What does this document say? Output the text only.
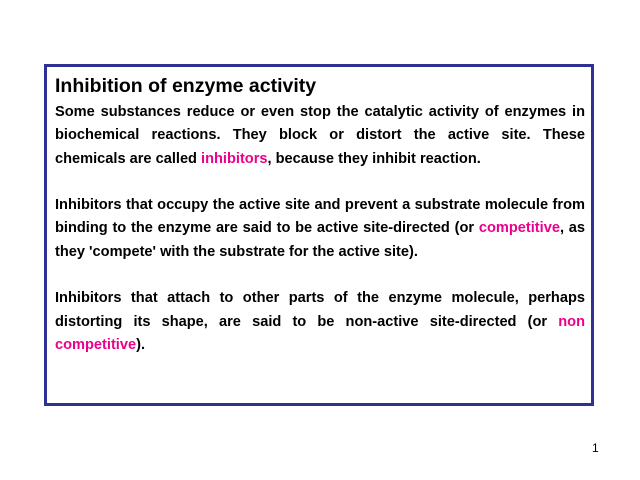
Inhibition of enzyme activity

Some substances reduce or even stop the catalytic activity of enzymes in biochemical reactions. They block or distort the active site. These chemicals are called inhibitors, because they inhibit reaction.

Inhibitors that occupy the active site and prevent a substrate molecule from binding to the enzyme are said to be active site-directed (or competitive, as they 'compete' with the substrate for the active site).

Inhibitors that attach to other parts of the enzyme molecule, perhaps distorting its shape, are said to be non-active site-directed (or non competitive).

1
